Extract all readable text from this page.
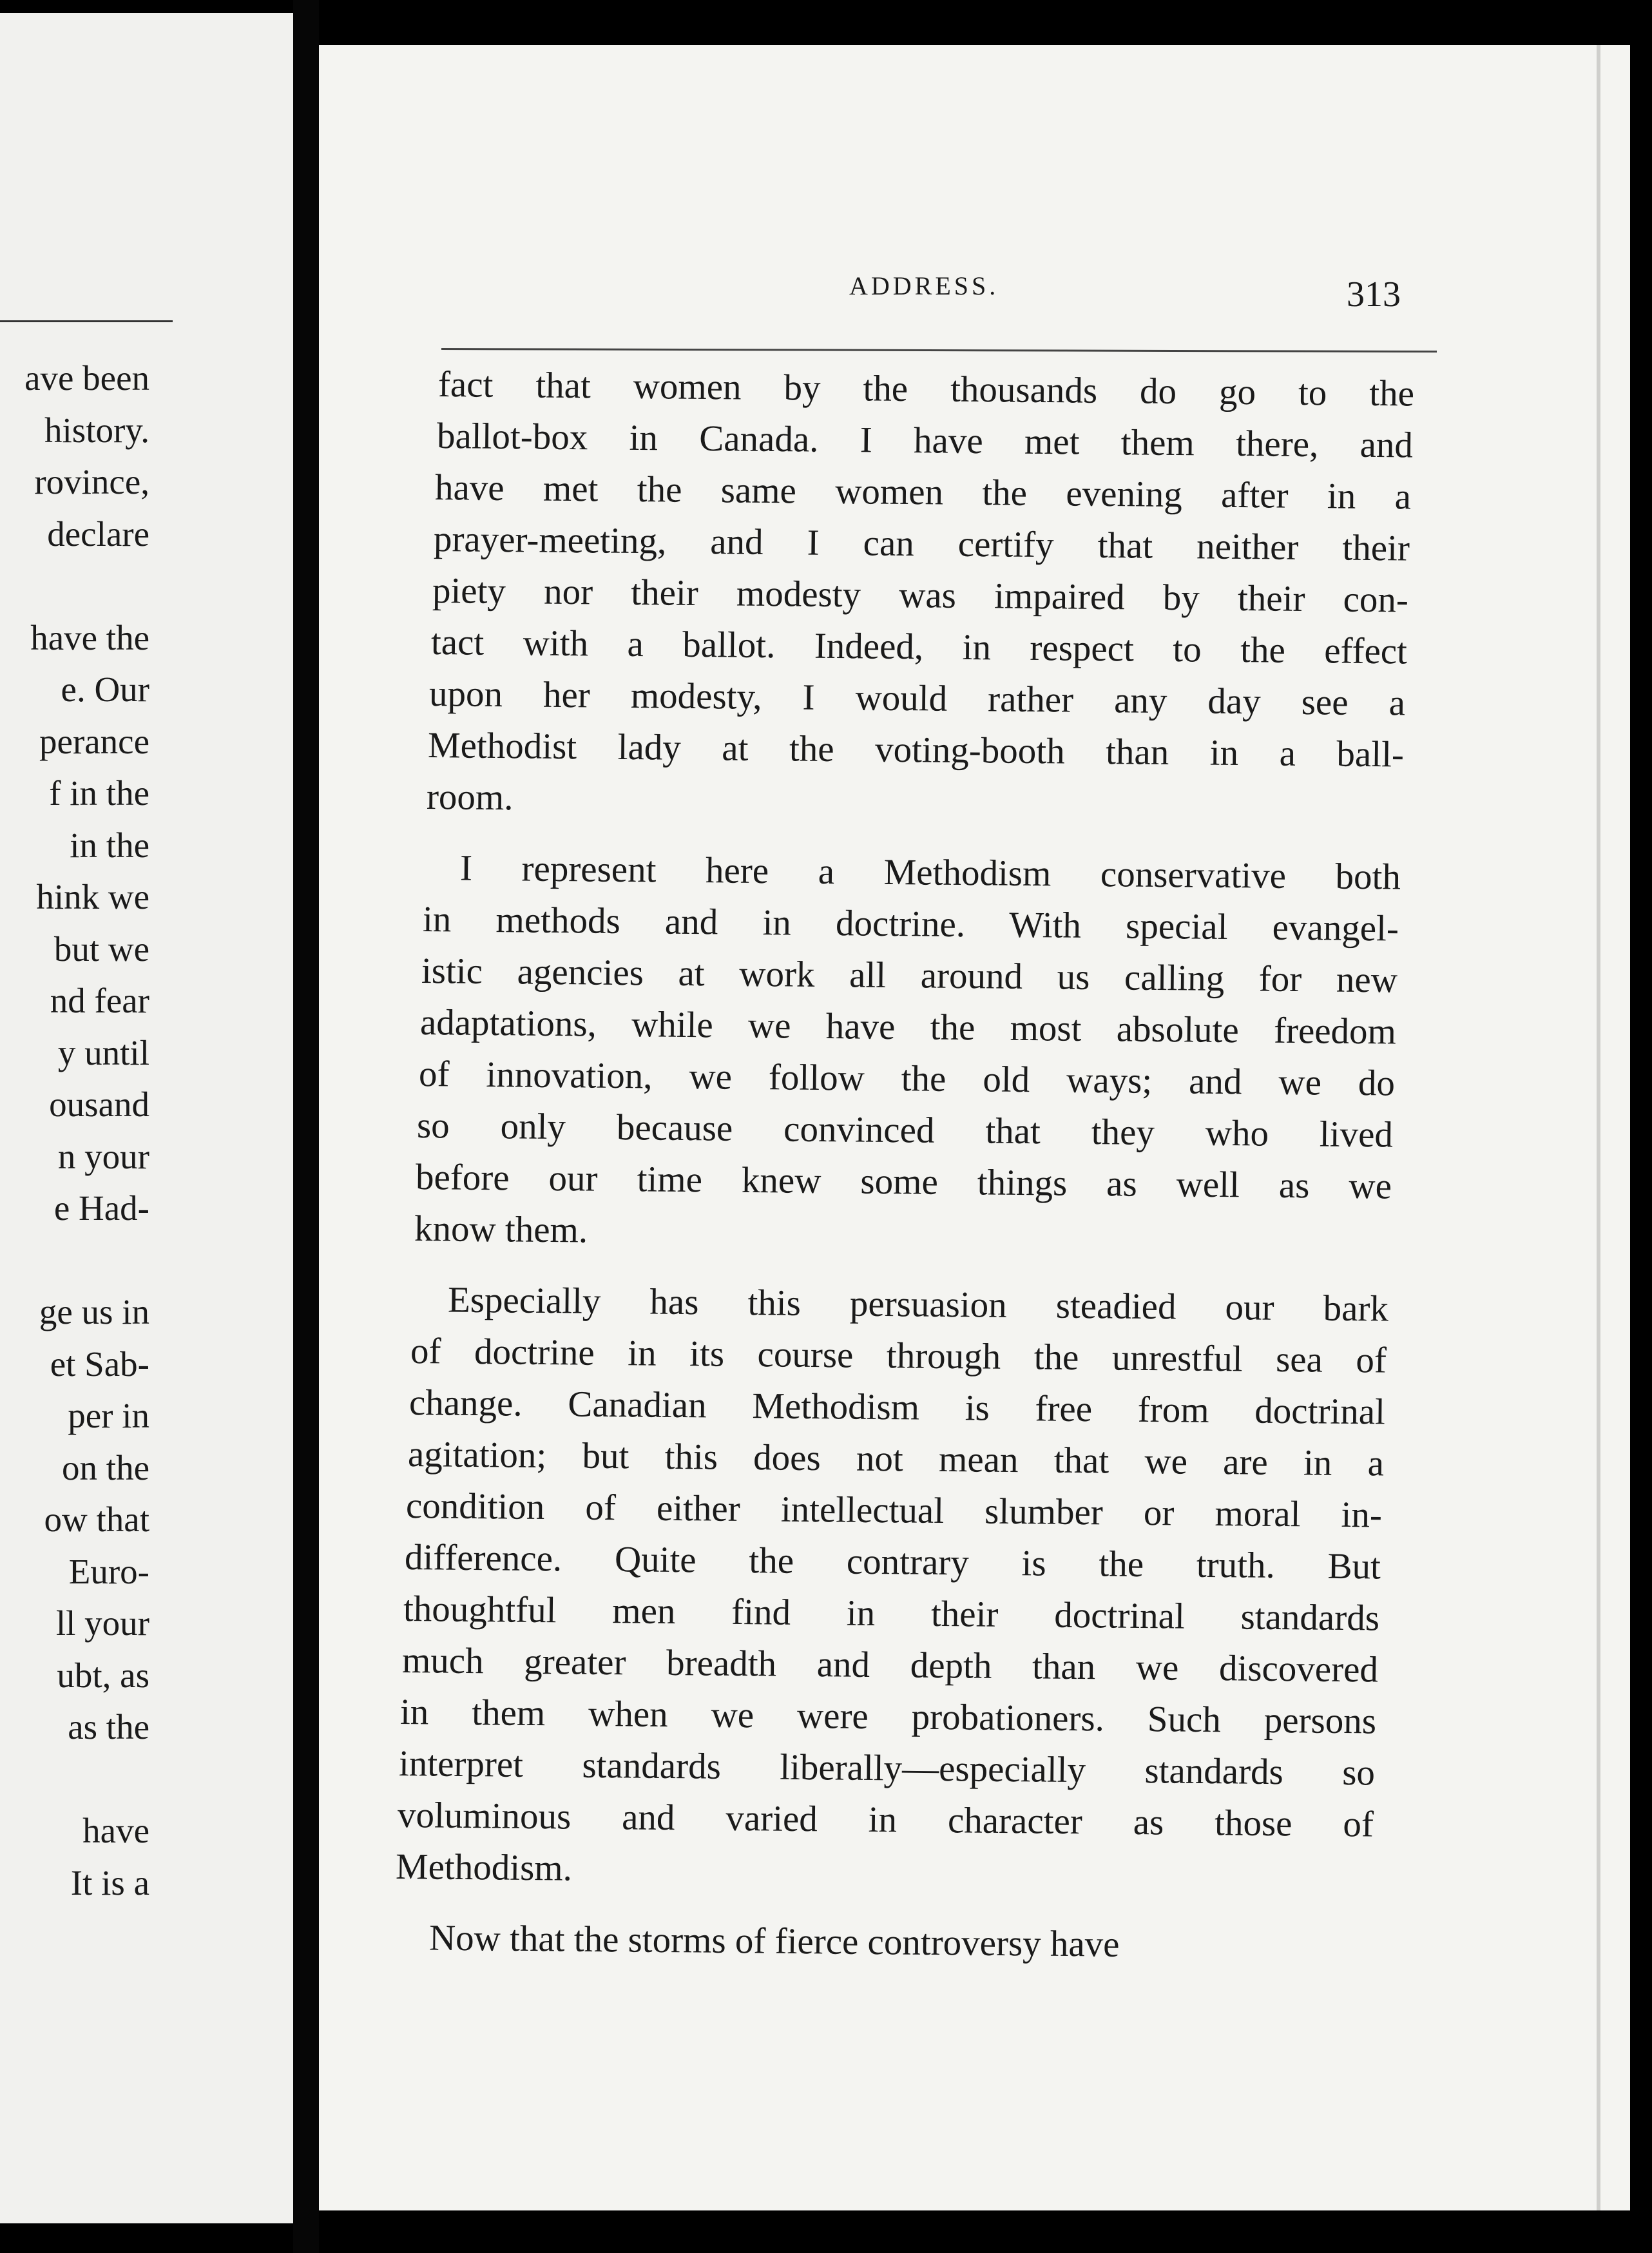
ave been
history.
rovince,
declare
have the
e. Our
perance
f in the
in the
hink we
but we
nd fear
y until
ousand
n your
e Had-
ge us in
et Sab-
per in
on the
ow that
Euro-
ll your
ubt, as
as the
have
It is a
ADDRESS.	313
fact that women by the thousands do go to the
ballot-box in Canada. I have met them there, and
have met the same women the evening after in a
prayer-meeting, and I can certify that neither their
piety nor their modesty was impaired by their con-
tact with a ballot. Indeed, in respect to the effect
upon her modesty, I would rather any day see a
Methodist lady at the voting-booth than in a ball-
room.
I represent here a Methodism conservative both
in methods and in doctrine. With special evangel-
istic agencies at work all around us calling for new
adaptations, while we have the most absolute freedom
of innovation, we follow the old ways; and we do
so only because convinced that they who lived
before our time knew some things as well as we
know them.
Especially has this persuasion steadied our bark
of doctrine in its course through the unrestful sea of
change. Canadian Methodism is free from doctrinal
agitation; but this does not mean that we are in a
condition of either intellectual slumber or moral in-
difference. Quite the contrary is the truth. But
thoughtful men find in their doctrinal standards
much greater breadth and depth than we discovered
in them when we were probationers. Such persons
interpret standards liberally—especially standards so
voluminous and varied in character as those of
Methodism.
Now that the storms of fierce controversy have
